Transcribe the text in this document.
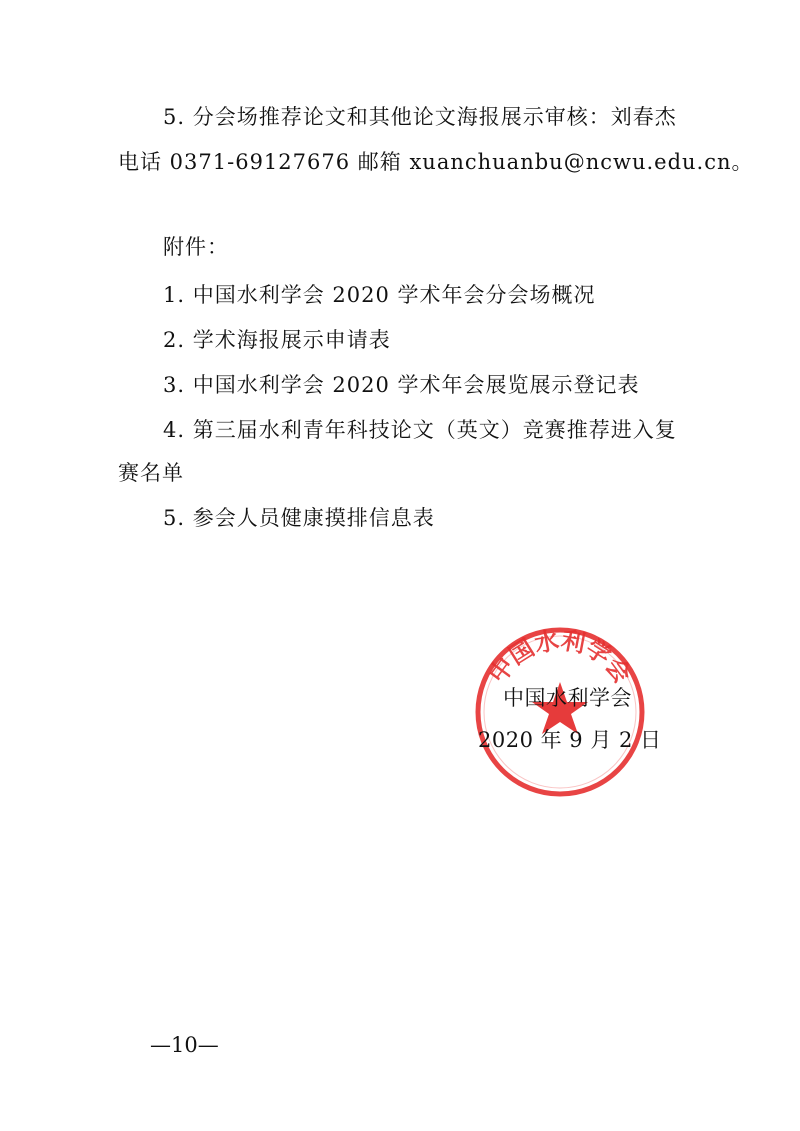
5. 分会场推荐论文和其他论文海报展示审核：刘春杰
电话 0371-69127676 邮箱 xuanchuanbu@ncwu.edu.cn。
附件：
1. 中国水利学会 2020 学术年会分会场概况
2. 学术海报展示申请表
3. 中国水利学会 2020 学术年会展览展示登记表
4. 第三届水利青年科技论文（英文）竞赛推荐进入复
赛名单
5. 参会人员健康摸排信息表
中国水利学会
中国水利学会
2020 年 9 月 2 日
—10—
